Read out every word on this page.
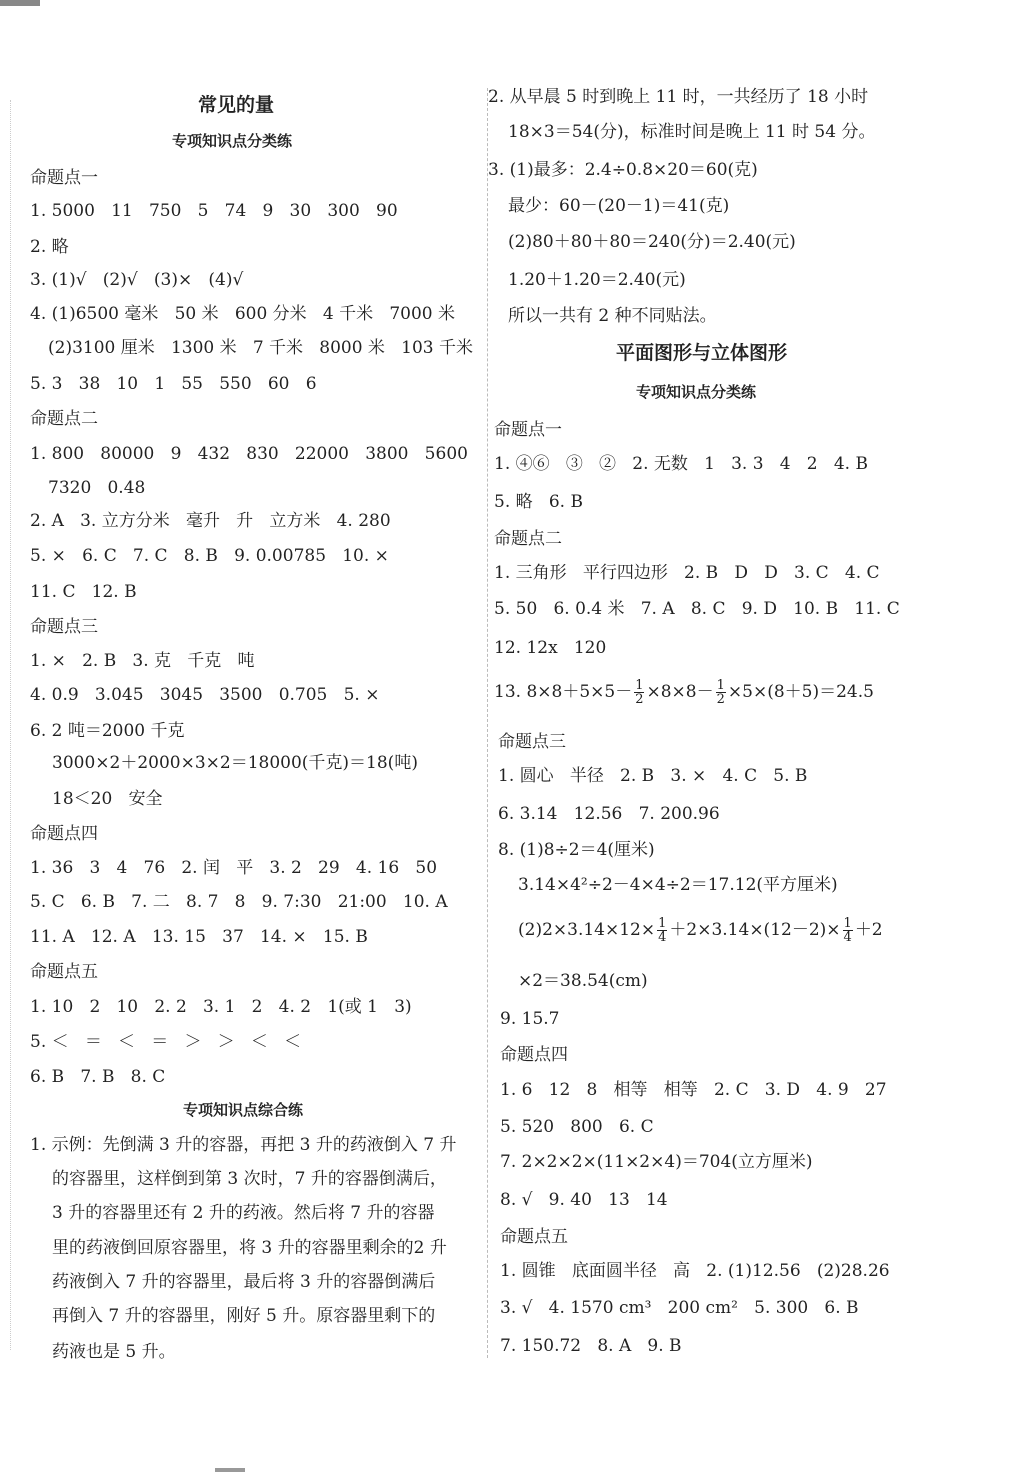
常见的量
专项知识点分类练
命题点一
1. 5000   11   750   5   74   9   30   300   90
2. 略
3. (1)√   (2)√   (3)×   (4)√
4. (1)6500 毫米   50 米   600 分米   4 千米   7000 米
(2)3100 厘米   1300 米   7 千米   8000 米   103 千米
5. 3   38   10   1   55   550   60   6
命题点二
1. 800   80000   9   432   830   22000   3800   5600
7320   0.48
2. A   3. 立方分米   毫升   升   立方米   4. 280
5. ×   6. C   7. C   8. B   9. 0.00785   10. ×
11. C   12. B
命题点三
1. ×   2. B   3. 克   千克   吨
4. 0.9   3.045   3045   3500   0.705   5. ×
6. 2 吨＝2000 千克
3000×2＋2000×3×2＝18000(千克)＝18(吨)
18＜20   安全
命题点四
1. 36   3   4   76   2. 闰   平   3. 2   29   4. 16   50
5. C   6. B   7. 二   8. 7   8   9. 7:30   21:00   10. A
11. A   12. A   13. 15   37   14. ×   15. B
命题点五
1. 10   2   10   2. 2   3. 1   2   4. 2   1(或 1   3)
5. ＜   ＝   ＜   ＝   ＞   ＞   ＜   ＜
6. B   7. B   8. C
专项知识点综合练
1. 示例：先倒满 3 升的容器，再把 3 升的药液倒入 7 升
的容器里，这样倒到第 3 次时，7 升的容器倒满后，
3 升的容器里还有 2 升的药液。然后将 7 升的容器
里的药液倒回原容器里，将 3 升的容器里剩余的2 升
药液倒入 7 升的容器里，最后将 3 升的容器倒满后
再倒入 7 升的容器里，刚好 5 升。原容器里剩下的
药液也是 5 升。
2. 从早晨 5 时到晚上 11 时，一共经历了 18 小时
18×3＝54(分)，标准时间是晚上 11 时 54 分。
3. (1)最多：2.4÷0.8×20＝60(克)
最少：60－(20－1)＝41(克)
(2)80＋80＋80＝240(分)＝2.40(元)
1.20＋1.20＝2.40(元)
所以一共有 2 种不同贴法。
平面图形与立体图形
专项知识点分类练
命题点一
1. ④⑥   ③   ②   2. 无数   1   3. 3   4   2   4. B
5. 略   6. B
命题点二
1. 三角形   平行四边形   2. B   D   D   3. C   4. C
5. 50   6. 0.4 米   7. A   8. C   9. D   10. B   11. C
12. 12x   120
13. $8\times 8+5\times 5- \frac{1}{2} \times 8\times 8- \frac{1}{2} \times 5\times(8+5)=24.5$
命题点三
1. 圆心   半径   2. B   3. ×   4. C   5. B
6. 3.14   12.56   7. 200.96
8. (1)8÷2＝4(厘米)
3.14×4²÷2－4×4÷2＝17.12(平方厘米)
$(2)2\times 3.14\times 12\times \frac{1}{4} +2\times 3.14\times(12-2)\times \frac{1}{4} +2$
×2＝38.54(cm)
9. 15.7
命题点四
1. 6   12   8   相等   相等   2. C   3. D   4. 9   27
5. 520   800   6. C
7. 2×2×2×(11×2×4)＝704(立方厘米)
8. √   9. 40   13   14
命题点五
1. 圆锥   底面圆半径   高   2. (1)12.56   (2)28.26
3. √   4. 1570 cm³   200 cm²   5. 300   6. B
7. 150.72   8. A   9. B
